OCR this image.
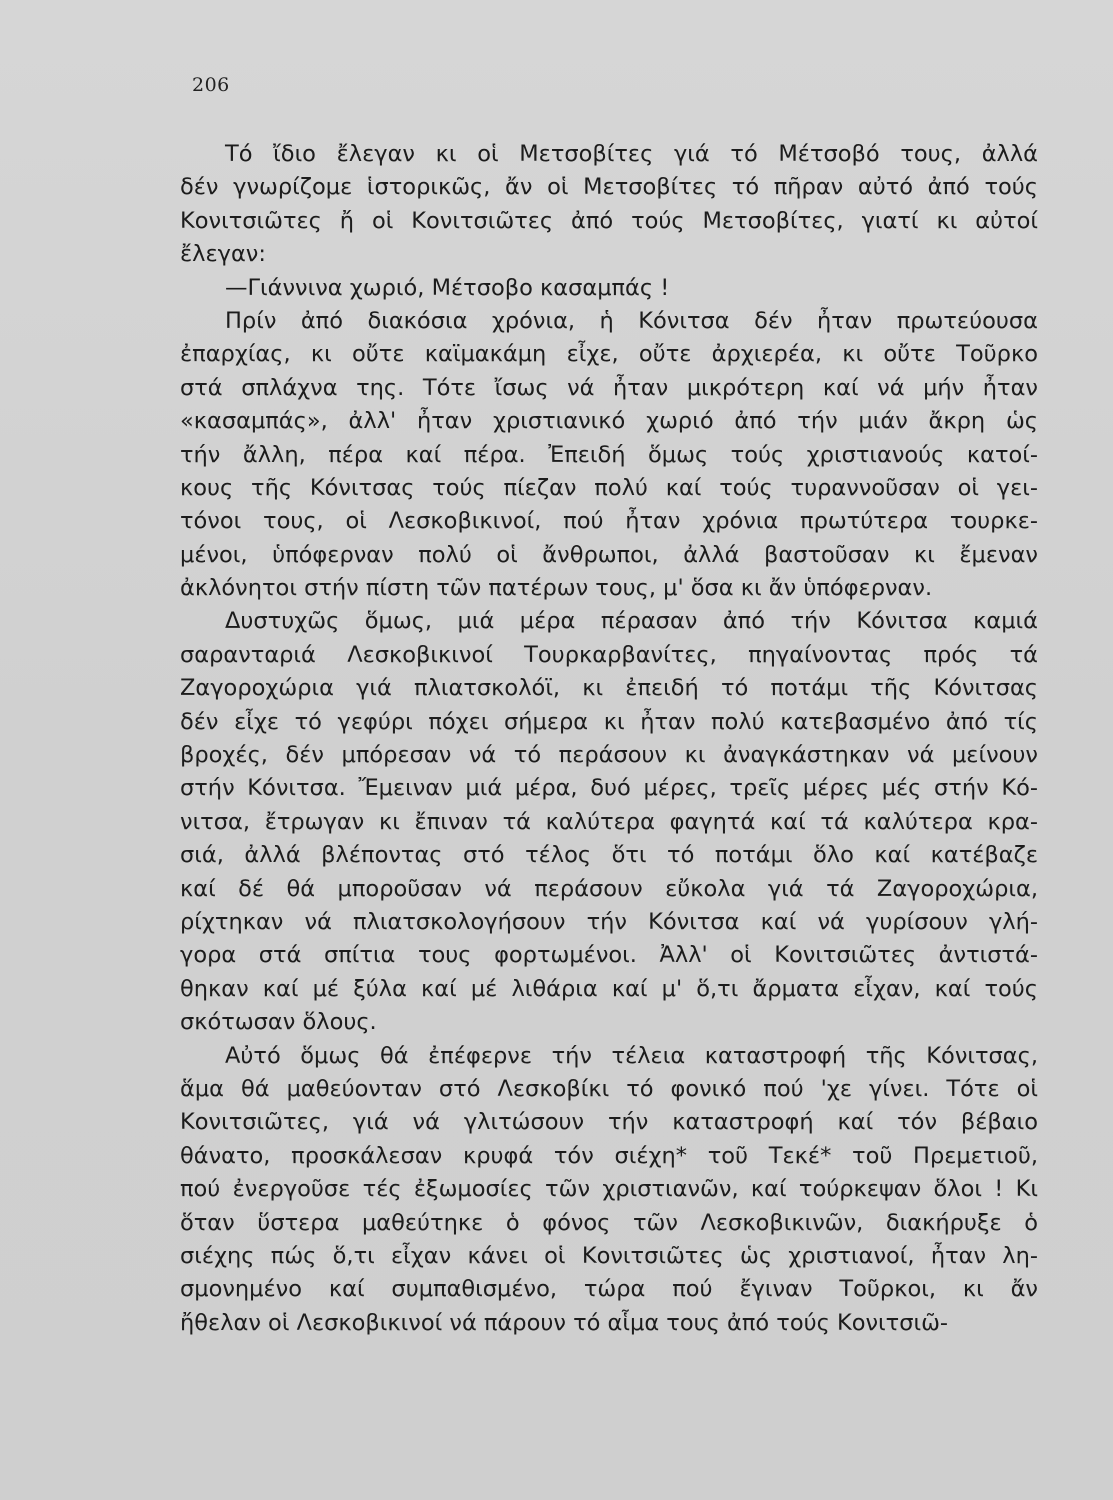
206
Τό ἴδιο ἔλεγαν κι οἱ Μετσοβίτες γιά τό Μέτσοβό τους, ἀλλά
δέν γνωρίζομε ἱστορικῶς, ἄν οἱ Μετσοβίτες τό πῆραν αὐτό ἀπό τούς
Κονιτσιῶτες ἤ οἱ Κονιτσιῶτες ἀπό τούς Μετσοβίτες, γιατί κι αὐτοί
ἔλεγαν:
—Γιάννινα χωριό, Μέτσοβο κασαμπάς !
Πρίν ἀπό διακόσια χρόνια, ἡ Κόνιτσα δέν ἦταν πρωτεύουσα
ἐπαρχίας, κι οὔτε καϊμακάμη εἶχε, οὔτε ἀρχιερέα, κι οὔτε Τοῦρκο
στά σπλάχνα της. Τότε ἴσως νά ἦταν μικρότερη καί νά μήν ἦταν
«κασαμπάς», ἀλλ' ἦταν χριστιανικό χωριό ἀπό τήν μιάν ἄκρη ὡς
τήν ἄλλη, πέρα καί πέρα. Ἐπειδή ὅμως τούς χριστιανούς κατοί-
κους τῆς Κόνιτσας τούς πίεζαν πολύ καί τούς τυραννοῦσαν οἱ γει-
τόνοι τους, οἱ Λεσκοβικινοί, πού ἦταν χρόνια πρωτύτερα τουρκε-
μένοι, ὑπόφερναν πολύ οἱ ἄνθρωποι, ἀλλά βαστοῦσαν κι ἔμεναν
ἀκλόνητοι στήν πίστη τῶν πατέρων τους, μ' ὅσα κι ἄν ὑπόφερναν.
Δυστυχῶς ὅμως, μιά μέρα πέρασαν ἀπό τήν Κόνιτσα καμιά
σαρανταριά Λεσκοβικινοί Τουρκαρβανίτες, πηγαίνοντας πρός τά
Ζαγοροχώρια γιά πλιατσκολόϊ, κι ἐπειδή τό ποτάμι τῆς Κόνιτσας
δέν εἶχε τό γεφύρι πόχει σήμερα κι ἦταν πολύ κατεβασμένο ἀπό τίς
βροχές, δέν μπόρεσαν νά τό περάσουν κι ἀναγκάστηκαν νά μείνουν
στήν Κόνιτσα. Ἔμειναν μιά μέρα, δυό μέρες, τρεῖς μέρες μές στήν Κό-
νιτσα, ἔτρωγαν κι ἔπιναν τά καλύτερα φαγητά καί τά καλύτερα κρα-
σιά, ἀλλά βλέποντας στό τέλος ὅτι τό ποτάμι ὅλο καί κατέβαζε
καί δέ θά μποροῦσαν νά περάσουν εὔκολα γιά τά Ζαγοροχώρια,
ρίχτηκαν νά πλιατσκολογήσουν τήν Κόνιτσα καί νά γυρίσουν γλή-
γορα στά σπίτια τους φορτωμένοι. Ἀλλ' οἱ Κονιτσιῶτες ἀντιστά-
θηκαν καί μέ ξύλα καί μέ λιθάρια καί μ' ὅ,τι ἄρματα εἶχαν, καί τούς
σκότωσαν ὅλους.
Αὐτό ὅμως θά ἐπέφερνε τήν τέλεια καταστροφή τῆς Κόνιτσας,
ἅμα θά μαθεύονταν στό Λεσκοβίκι τό φονικό πού 'χε γίνει. Τότε οἱ
Κονιτσιῶτες, γιά νά γλιτώσουν τήν καταστροφή καί τόν βέβαιο
θάνατο, προσκάλεσαν κρυφά τόν σιέχη* τοῦ Τεκέ* τοῦ Πρεμετιοῦ,
πού ἐνεργοῦσε τές ἐξωμοσίες τῶν χριστιανῶν, καί τούρκεψαν ὅλοι ! Κι
ὅταν ὕστερα μαθεύτηκε ὁ φόνος τῶν Λεσκοβικινῶν, διακήρυξε ὁ
σιέχης πώς ὅ,τι εἶχαν κάνει οἱ Κονιτσιῶτες ὡς χριστιανοί, ἦταν λη-
σμονημένο καί συμπαθισμένο, τώρα πού ἔγιναν Τοῦρκοι, κι ἄν
ἤθελαν οἱ Λεσκοβικινοί νά πάρουν τό αἷμα τους ἀπό τούς Κονιτσιῶ-
